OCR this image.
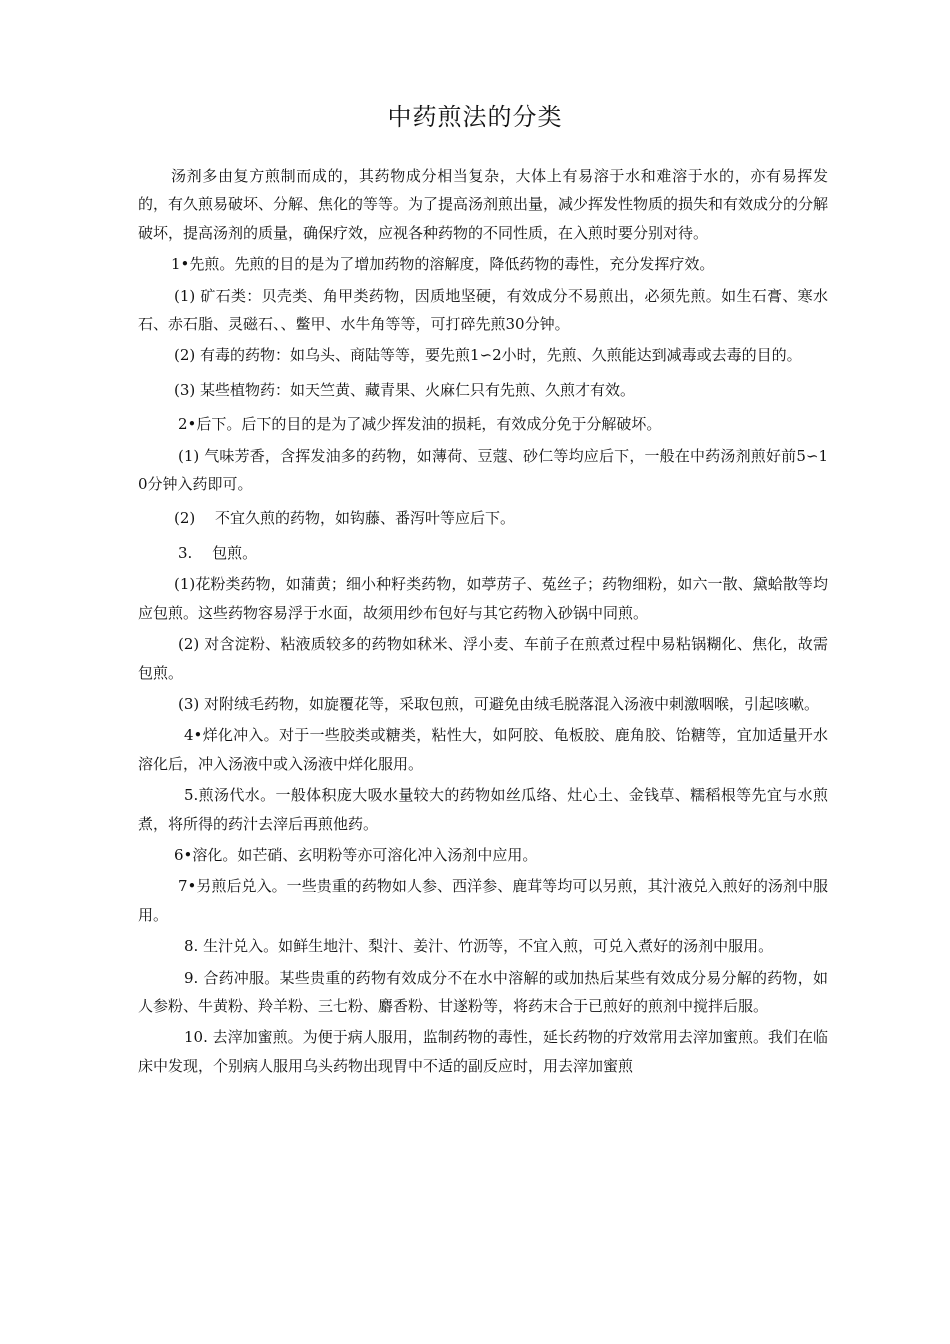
中药煎法的分类

汤剂多由复方煎制而成的，其药物成分相当复杂，大体上有易溶于水和难溶于水的，亦有易挥发的，有久煎易破坏、分解、焦化的等等。为了提高汤剂煎出量，减少挥发性物质的损失和有效成分的分解破坏，提高汤剂的质量，确保疗效，应视各种药物的不同性质，在入煎时要分别对待。

1•先煎。先煎的目的是为了增加药物的溶解度，降低药物的毒性，充分发挥疗效。

(1) 矿石类：贝壳类、角甲类药物，因质地坚硬，有效成分不易煎出，必须先煎。如生石膏、寒水石、赤石脂、灵磁石、、鳖甲、水牛角等等，可打碎先煎30分钟。

(2) 有毒的药物：如乌头、商陆等等，要先煎1∽2小时，先煎、久煎能达到减毒或去毒的目的。

(3) 某些植物药：如天竺黄、藏青果、火麻仁只有先煎、久煎才有效。

2•后下。后下的目的是为了减少挥发油的损耗，有效成分免于分解破坏。

(1) 气味芳香，含挥发油多的药物，如薄荷、豆蔻、砂仁等均应后下，一般在中药汤剂煎好前5∽10分钟入药即可。

(2)　 不宜久煎的药物，如钩藤、番泻叶等应后下。

3.　 包煎。

(1)花粉类药物，如蒲黄；细小种籽类药物，如葶苈子、菟丝子；药物细粉，如六一散、黛蛤散等均应包煎。这些药物容易浮于水面，故须用纱布包好与其它药物入砂锅中同煎。

(2) 对含淀粉、粘液质较多的药物如秫米、浮小麦、车前子在煎煮过程中易粘锅糊化、焦化，故需包煎。

(3) 对附绒毛药物，如旋覆花等，采取包煎，可避免由绒毛脱落混入汤液中刺激咽喉，引起咳嗽。

4•烊化冲入。对于一些胶类或糖类，粘性大，如阿胶、龟板胶、鹿角胶、饴糖等，宜加适量开水溶化后，冲入汤液中或入汤液中烊化服用。

5.煎汤代水。一般体积庞大吸水量较大的药物如丝瓜络、灶心土、金钱草、糯稻根等先宜与水煎煮，将所得的药汁去滓后再煎他药。

6•溶化。如芒硝、玄明粉等亦可溶化冲入汤剂中应用。

7•另煎后兑入。一些贵重的药物如人参、西洋参、鹿茸等均可以另煎，其汁液兑入煎好的汤剂中服用。

8. 生汁兑入。如鲜生地汁、梨汁、姜汁、竹沥等，不宜入煎，可兑入煮好的汤剂中服用。

9. 合药冲服。某些贵重的药物有效成分不在水中溶解的或加热后某些有效成分易分解的药物，如人参粉、牛黄粉、羚羊粉、三七粉、麝香粉、甘遂粉等，将药末合于已煎好的煎剂中搅拌后服。

10. 去滓加蜜煎。为便于病人服用，监制药物的毒性，延长药物的疗效常用去滓加蜜煎。我们在临床中发现，个别病人服用乌头药物出现胃中不适的副反应时，用去滓加蜜煎
